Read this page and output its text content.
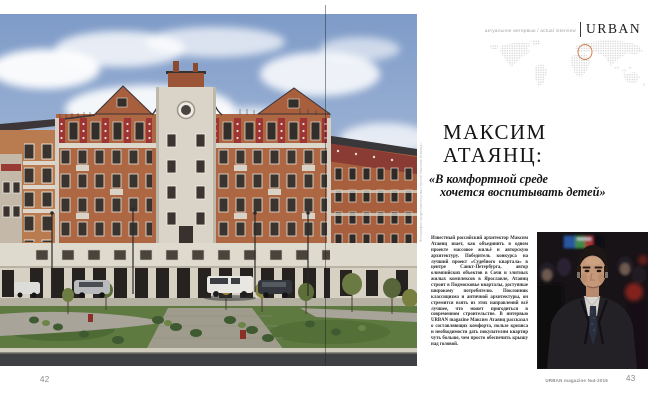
42
актуальное интервью / actual interview URBAN
МАКСИМ
АТАЯНЦ:
«В комфортной среде
хочется воспитывать детей»
Известный российский архитектор Максим Атаянц знает, как объединить в одном проекте массовое жильё и авторскую архитектуру. Победитель конкурса на лучший проект «Судебного квартала» в центре Санкт-Петербурга, автор олимпийских объектов в Сочи и элитных жилых комплексов в Ярославле, Атаянц строит в Подмосковье кварталы, доступные широкому потребителю. Поклонник классицизма и античной архитектуры, он стремится взять из этих направлений всё лучшее, что может пригодиться в современном строительстве. В интервью URBAN magazine Максим Атаянц рассказал о составляющих комфорта, пользе кризиса и необходимости дать покупателям квартир чуть больше, чем просто обеспечить крышу над головой.
Фотографии предоставлены мастерской Максима Атаянца /
URBAN magazine №4-2015 43
